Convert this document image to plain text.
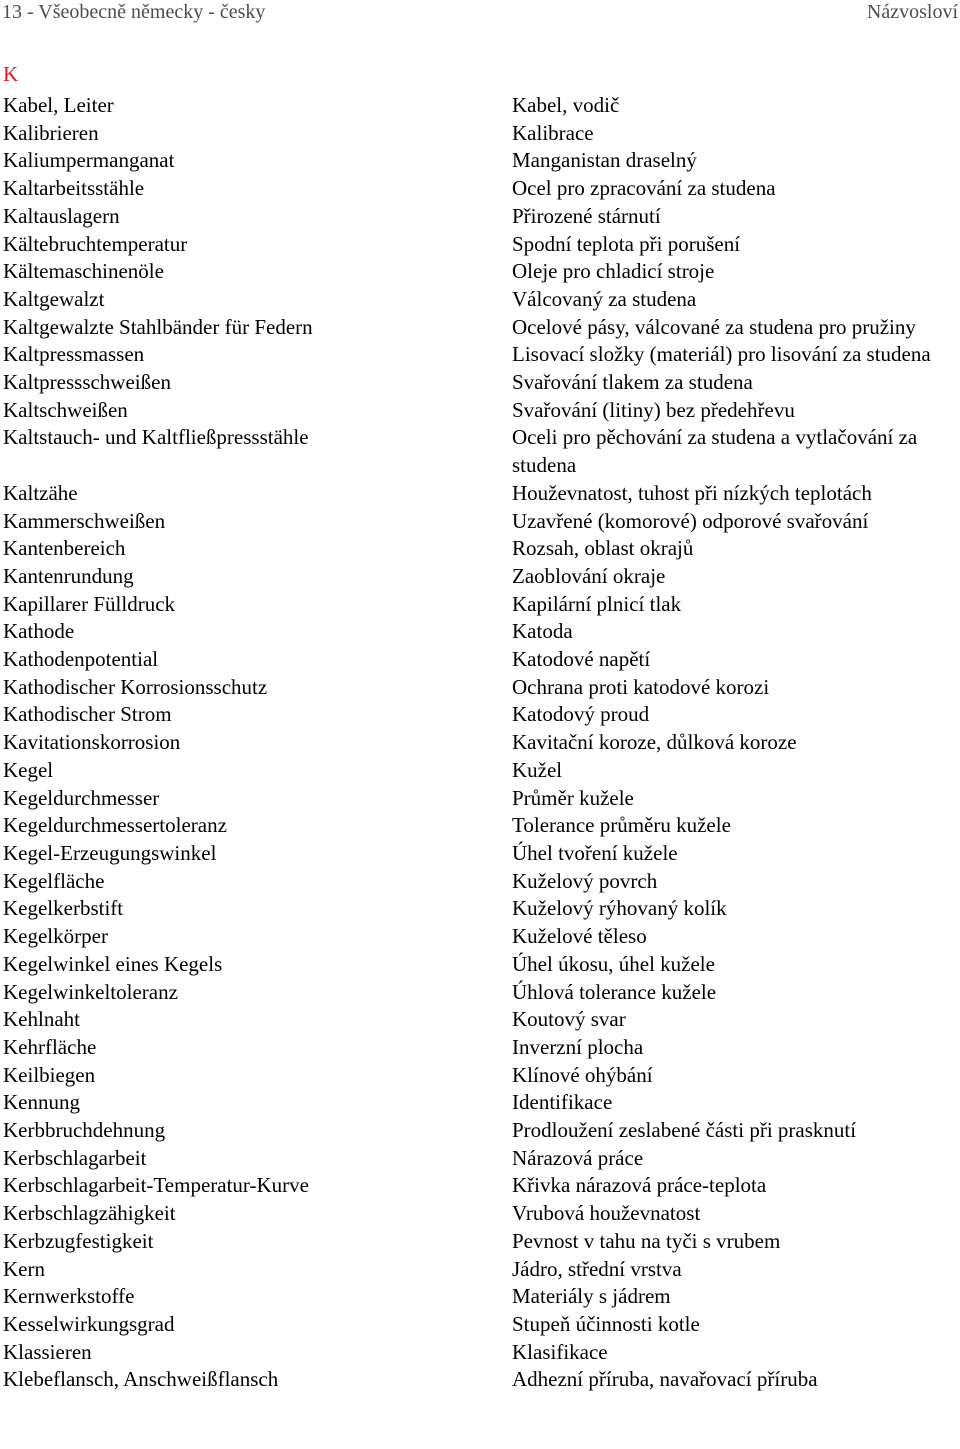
13 - Všeobecně německy - česky	Názvosloví
K
Kabel, Leiter	Kabel, vodič
Kalibrieren	Kalibrace
Kaliumpermanganat	Manganistan draselný
Kaltarbeitsstähle	Ocel pro zpracování za studena
Kaltauslagern	Přirozené stárnutí
Kältebruchtemperatur	Spodní teplota při porušení
Kältemaschinenöle	Oleje pro chladicí stroje
Kaltgewalzt	Válcovaný za studena
Kaltgewalzte Stahlbänder für Federn	Ocelové pásy, válcované za studena pro pružiny
Kaltpressmassen	Lisovací složky (materiál) pro lisování za studena
Kaltpressschweißen	Svařování tlakem za studena
Kaltschweißen	Svařování (litiny) bez předehřevu
Kaltstauch- und Kaltfließpressstähle	Oceli pro pěchování za studena a vytlačování za studena
Kaltzähe	Houževnatost, tuhost při nízkých teplotách
Kammerschweißen	Uzavřené (komorové) odporové svařování
Kantenbereich	Rozsah, oblast okrajů
Kantenrundung	Zaoblování okraje
Kapillarer Fülldruck	Kapilární plnicí tlak
Kathode	Katoda
Kathodenpotential	Katodové napětí
Kathodischer Korrosionsschutz	Ochrana proti katodové korozi
Kathodischer Strom	Katodový proud
Kavitationskorrosion	Kavitační koroze, důlková koroze
Kegel	Kužel
Kegeldurchmesser	Průměr kužele
Kegeldurchmessertoleranz	Tolerance průměru kužele
Kegel-Erzeugungswinkel	Úhel tvoření kužele
Kegelfläche	Kuželový povrch
Kegelkerbstift	Kuželový rýhovaný kolík
Kegelkörper	Kuželové těleso
Kegelwinkel eines Kegels	Úhel úkosu, úhel kužele
Kegelwinkeltoleranz	Úhlová tolerance kužele
Kehlnaht	Koutový svar
Kehrfläche	Inverzní plocha
Keilbiegen	Klínové ohýbání
Kennung	Identifikace
Kerbbruchdehnung	Prodloužení zeslabené části při prasknutí
Kerbschlagarbeit	Nárazová práce
Kerbschlagarbeit-Temperatur-Kurve	Křivka nárazová práce-teplota
Kerbschlagzähigkeit	Vrubová houževnatost
Kerbzugfestigkeit	Pevnost v tahu na tyči s vrubem
Kern	Jádro, střední vrstva
Kernwerkstoffe	Materiály s jádrem
Kesselwirkungsgrad	Stupeň účinnosti kotle
Klassieren	Klasifikace
Klebeflansch, Anschweißflansch	Adhezní příruba, navařovací příruba
